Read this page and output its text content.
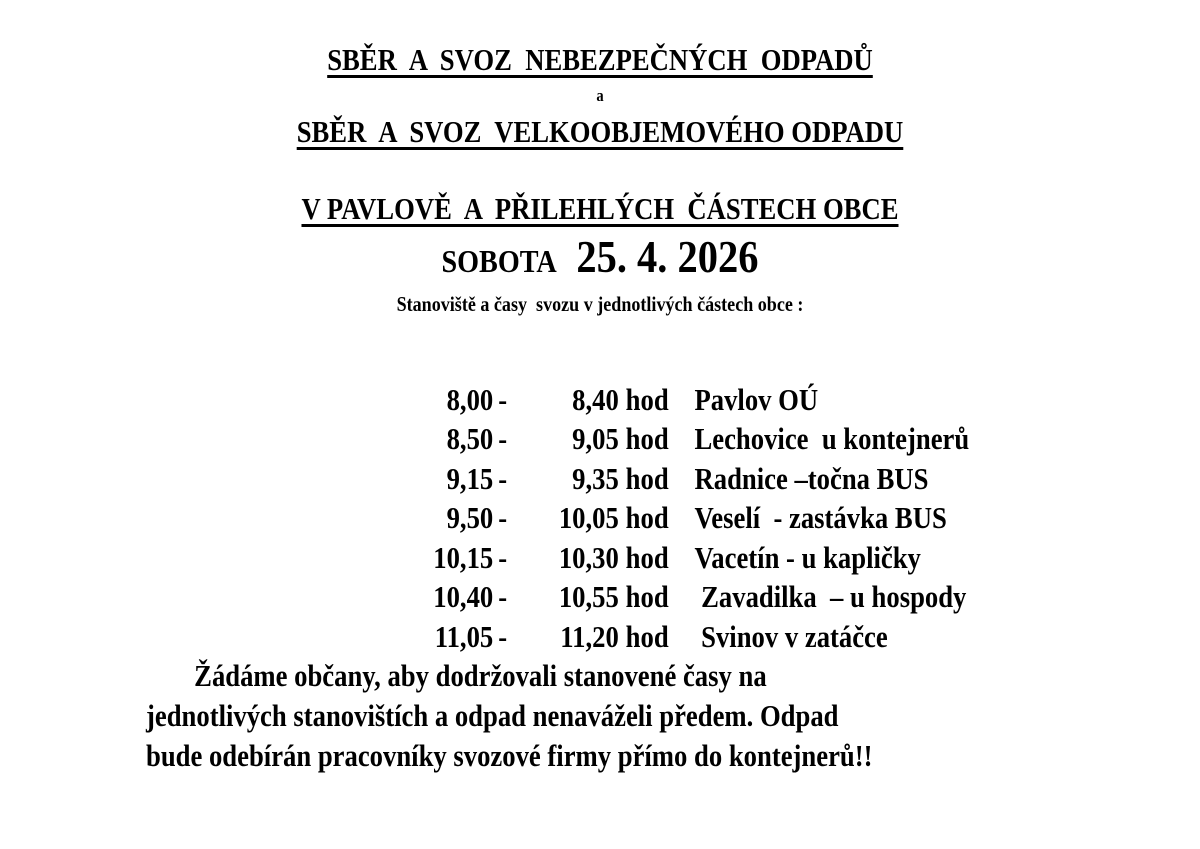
SBĚR  A  SVOZ  NEBEZPEČNÝCH  ODPADŮ
a
SBĚR  A  SVOZ  VELKOOBJEMOVÉHO ODPADU
V PAVLOVĚ  A  PŘILEHLÝCH  ČÁSTECH OBCE
SOBOTA 25. 4. 2026
Stanoviště a časy  svozu v jednotlivých částech obce :

8,00 - 8,40 hod Pavlov OÚ

8,50 - 9,05 hod Lechovice  u kontejnerů

9,15 - 9,35 hod Radnice –točna BUS

9,50 - 10,05 hod Veselí  - zastávka BUS

10,15 - 10,30 hod Vacetín - u kapličky

10,40 - 10,55 hod Zavadilka  – u hospody

11,05 - 11,20 hod Svinov v zatáčce

Žádáme občany, aby dodržovali stanovené časy na

jednotlivých stanovištích a odpad nenaváželi předem. Odpad

bude odebírán pracovníky svozové firmy přímo do kontejnerů!!
